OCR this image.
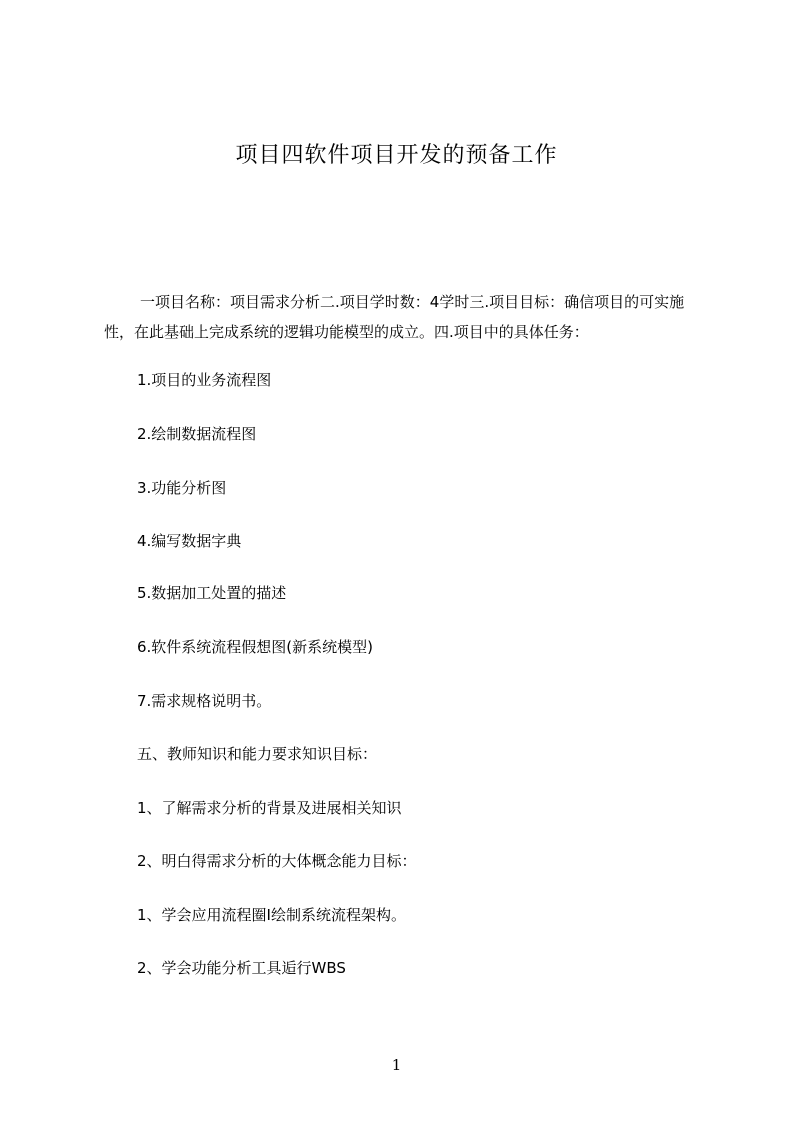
项目四软件项目开发的预备工作

一项目名称：项目需求分析二.项目学时数：4学时三.项目目标：确信项目的可实施性，在此基础上完成系统的逻辑功能模型的成立。四.项目中的具体任务：

1.项目的业务流程图

2.绘制数据流程图

3.功能分析图

4.编写数据字典

5.数据加工处置的描述

6.软件系统流程假想图(新系统模型)

7.需求规格说明书。

五、教师知识和能力要求知识目标：

1、了解需求分析的背景及进展相关知识

2、明白得需求分析的大体概念能力目标：

1、学会应用流程圈I绘制系统流程架构。

2、学会功能分析工具逅行WBS

1
